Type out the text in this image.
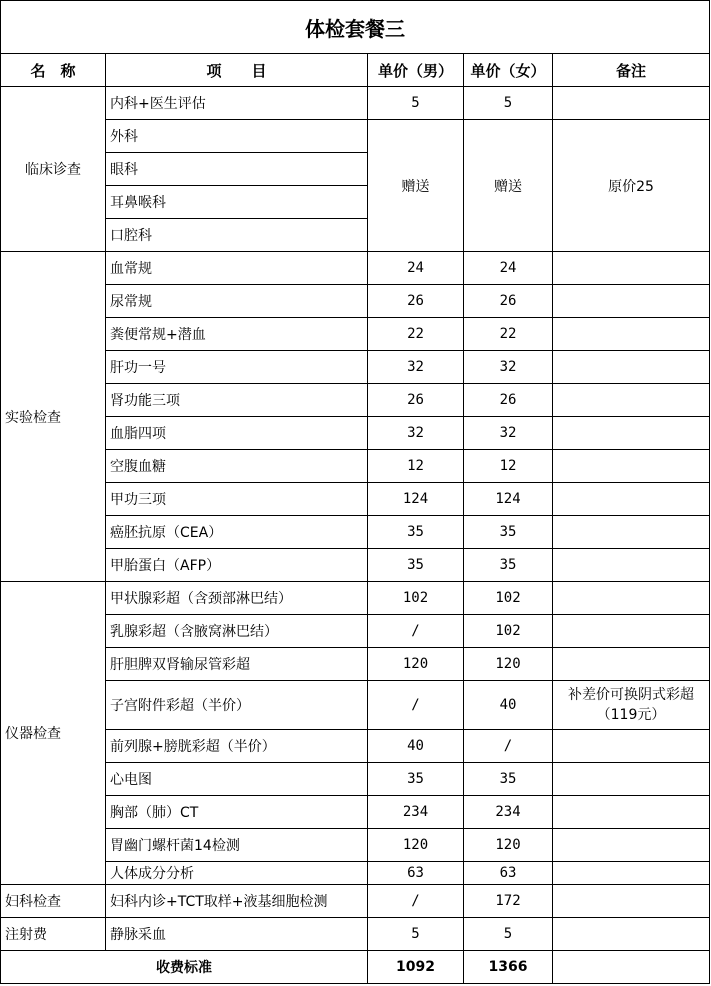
体检套餐三				
名　称	项　　目	单价（男）	单价（女）	备注
临床诊查	内科+医生评估	5	5	
	外科	赠送	赠送	原价25
	眼科			
	耳鼻喉科			
	口腔科			
实验检查	血常规	24	24	
	尿常规	26	26	
	粪便常规+潜血	22	22	
	肝功一号	32	32	
	肾功能三项	26	26	
	血脂四项	32	32	
	空腹血糖	12	12	
	甲功三项	124	124	
	癌胚抗原（CEA）	35	35	
	甲胎蛋白（AFP）	35	35	
仪器检查	甲状腺彩超（含颈部淋巴结）	102	102	
	乳腺彩超（含腋窝淋巴结）	/	102	
	肝胆脾双肾输尿管彩超	120	120	
	子宫附件彩超（半价）	/	40	补差价可换阴式彩超（119元）
	前列腺+膀胱彩超（半价）	40	/	
	心电图	35	35	
	胸部（肺）CT	234	234	
	胃幽门螺杆菌14检测	120	120	
	人体成分分析	63	63	
妇科检查	妇科内诊+TCT取样+液基细胞检测	/	172	
注射费	静脉采血	5	5	
收费标准		1092	1366	
